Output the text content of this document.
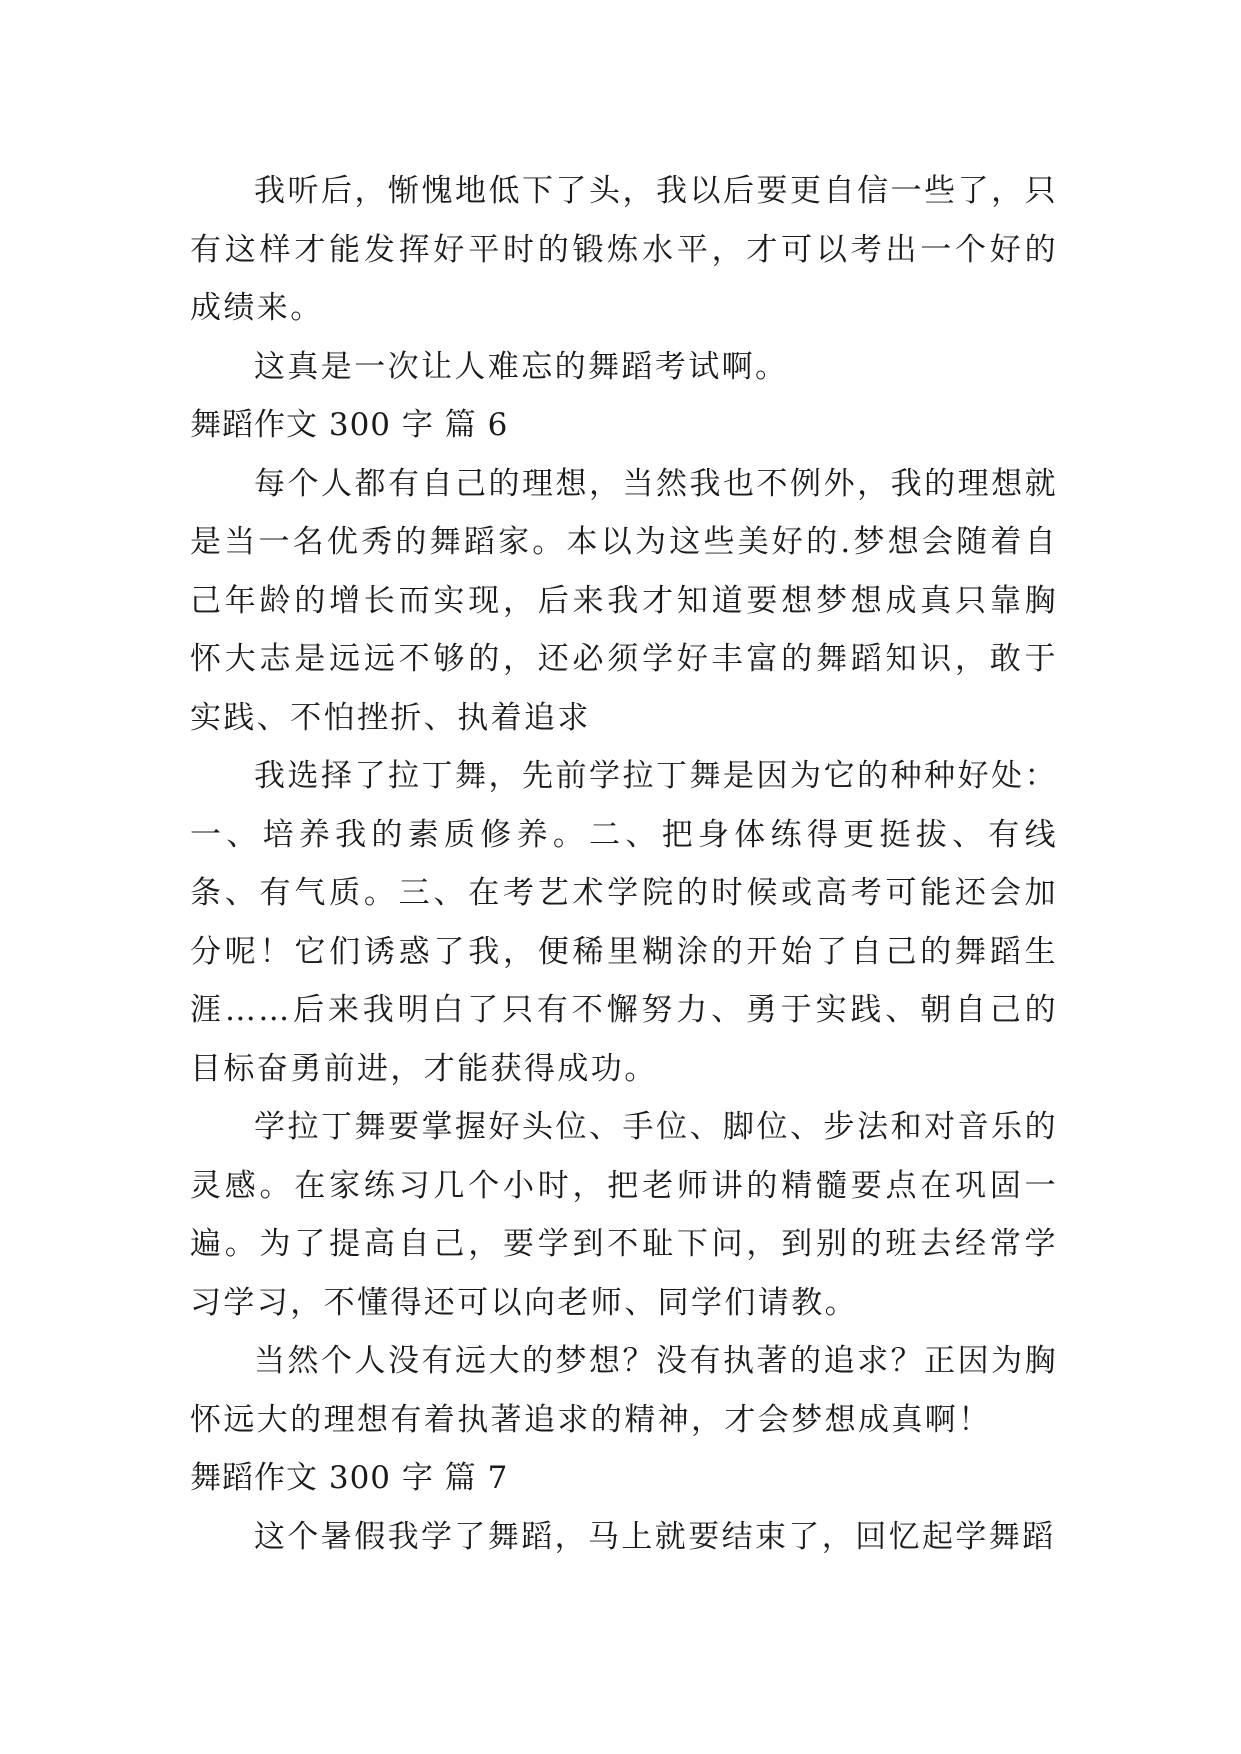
我听后，惭愧地低下了头，我以后要更自信一些了，只有这样才能发挥好平时的锻炼水平，才可以考出一个好的成绩来。

这真是一次让人难忘的舞蹈考试啊。

舞蹈作文 300 字 篇 6

每个人都有自己的理想，当然我也不例外，我的理想就是当一名优秀的舞蹈家。本以为这些美好的.梦想会随着自己年龄的增长而实现，后来我才知道要想梦想成真只靠胸怀大志是远远不够的，还必须学好丰富的舞蹈知识，敢于实践、不怕挫折、执着追求

我选择了拉丁舞，先前学拉丁舞是因为它的种种好处：一、培养我的素质修养。二、把身体练得更挺拔、有线条、有气质。三、在考艺术学院的时候或高考可能还会加分呢！它们诱惑了我，便稀里糊涂的开始了自己的舞蹈生涯……后来我明白了只有不懈努力、勇于实践、朝自己的目标奋勇前进，才能获得成功。

学拉丁舞要掌握好头位、手位、脚位、步法和对音乐的灵感。在家练习几个小时，把老师讲的精髓要点在巩固一遍。为了提高自己，要学到不耻下问，到别的班去经常学习学习，不懂得还可以向老师、同学们请教。

当然个人没有远大的梦想？没有执著的追求？正因为胸怀远大的理想有着执著追求的精神，才会梦想成真啊！

舞蹈作文 300 字 篇 7

这个暑假我学了舞蹈，马上就要结束了，回忆起学舞蹈
